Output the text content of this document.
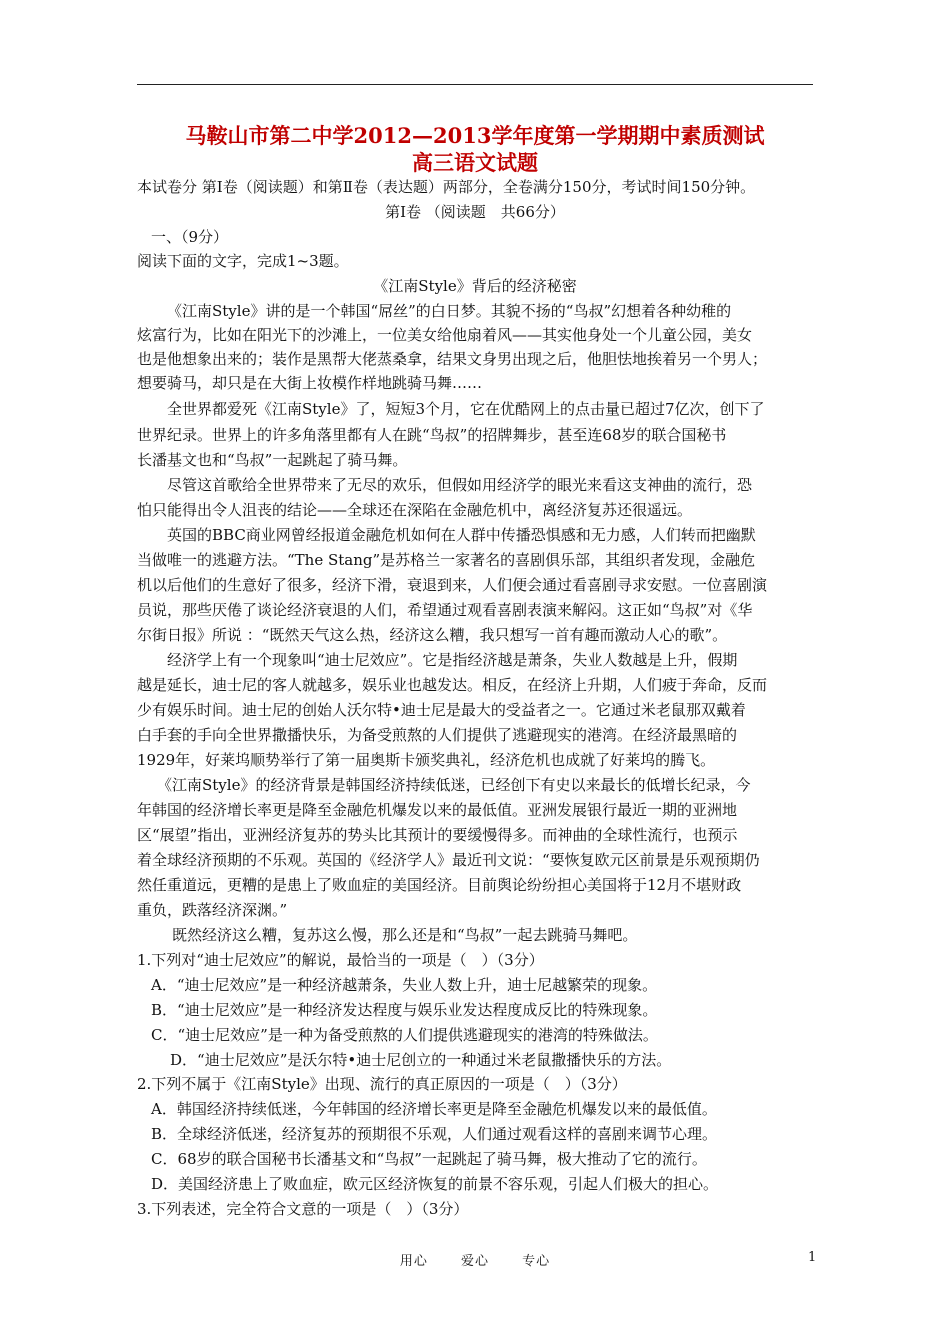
马鞍山市第二中学2012—2013学年度第一学期期中素质测试
高三语文试题
本试卷分 第Ⅰ卷（阅读题）和第Ⅱ卷（表达题）两部分，全卷满分150分，考试时间150分钟。
第Ⅰ卷 （阅读题　共66分）
一、（9分）
阅读下面的文字，完成1~3题。
《江南Style》背后的经济秘密
《江南Style》讲的是一个韩国“屌丝”的白日梦。其貌不扬的“鸟叔”幻想着各种幼稚的
炫富行为，比如在阳光下的沙滩上，一位美女给他扇着风——其实他身处一个儿童公园，美女
也是他想象出来的；装作是黑帮大佬蒸桑拿，结果文身男出现之后，他胆怯地挨着另一个男人；
想要骑马，却只是在大街上妆模作样地跳骑马舞……
全世界都爱死《江南Style》了，短短3个月，它在优酷网上的点击量已超过7亿次，创下了
世界纪录。世界上的许多角落里都有人在跳“鸟叔”的招牌舞步，甚至连68岁的联合国秘书
长潘基文也和“鸟叔”一起跳起了骑马舞。
尽管这首歌给全世界带来了无尽的欢乐，但假如用经济学的眼光来看这支神曲的流行，恐
怕只能得出令人沮丧的结论——全球还在深陷在金融危机中，离经济复苏还很遥远。
英国的BBC商业网曾经报道金融危机如何在人群中传播恐惧感和无力感，人们转而把幽默
当做唯一的逃避方法。“The Stang”是苏格兰一家著名的喜剧俱乐部，其组织者发现，金融危
机以后他们的生意好了很多，经济下滑，衰退到来，人们便会通过看喜剧寻求安慰。一位喜剧演
员说，那些厌倦了谈论经济衰退的人们，希望通过观看喜剧表演来解闷。这正如“鸟叔”对《华
尔街日报》所说 ：“既然天气这么热，经济这么糟，我只想写一首有趣而激动人心的歌”。
经济学上有一个现象叫“迪士尼效应”。它是指经济越是萧条，失业人数越是上升，假期
越是延长，迪士尼的客人就越多，娱乐业也越发达。相反，在经济上升期，人们疲于奔命，反而
少有娱乐时间。迪士尼的创始人沃尔特•迪士尼是最大的受益者之一。它通过米老鼠那双戴着
白手套的手向全世界撒播快乐，为备受煎熬的人们提供了逃避现实的港湾。在经济最黑暗的
1929年，好莱坞顺势举行了第一届奥斯卡颁奖典礼，经济危机也成就了好莱坞的腾飞。
《江南Style》的经济背景是韩国经济持续低迷，已经创下有史以来最长的低增长纪录，今
年韩国的经济增长率更是降至金融危机爆发以来的最低值。亚洲发展银行最近一期的亚洲地
区“展望”指出，亚洲经济复苏的势头比其预计的要缓慢得多。而神曲的全球性流行，也预示
着全球经济预期的不乐观。英国的《经济学人》最近刊文说：“要恢复欧元区前景是乐观预期仍
然任重道远，更糟的是患上了败血症的美国经济。目前舆论纷纷担心美国将于12月不堪财政
重负，跌落经济深渊。”
既然经济这么糟，复苏这么慢，那么还是和“鸟叔”一起去跳骑马舞吧。
1.下列对“迪士尼效应”的解说，最恰当的一项是（　）（3分）
A．“迪士尼效应”是一种经济越萧条，失业人数上升，迪士尼越繁荣的现象。
B．“迪士尼效应”是一种经济发达程度与娱乐业发达程度成反比的特殊现象。
C．“迪士尼效应”是一种为备受煎熬的人们提供逃避现实的港湾的特殊做法。
D．“迪士尼效应”是沃尔特•迪士尼创立的一种通过米老鼠撒播快乐的方法。
2.下列不属于《江南Style》出现、流行的真正原因的一项是（　）（3分）
A．韩国经济持续低迷，今年韩国的经济增长率更是降至金融危机爆发以来的最低值。
B．全球经济低迷，经济复苏的预期很不乐观，人们通过观看这样的喜剧来调节心理。
C．68岁的联合国秘书长潘基文和“鸟叔”一起跳起了骑马舞，极大推动了它的流行。
D．美国经济患上了败血症，欧元区经济恢复的前景不容乐观，引起人们极大的担心。
3.下列表述，完全符合文意的一项是（　）（3分）
用心	爱心	专心	1
